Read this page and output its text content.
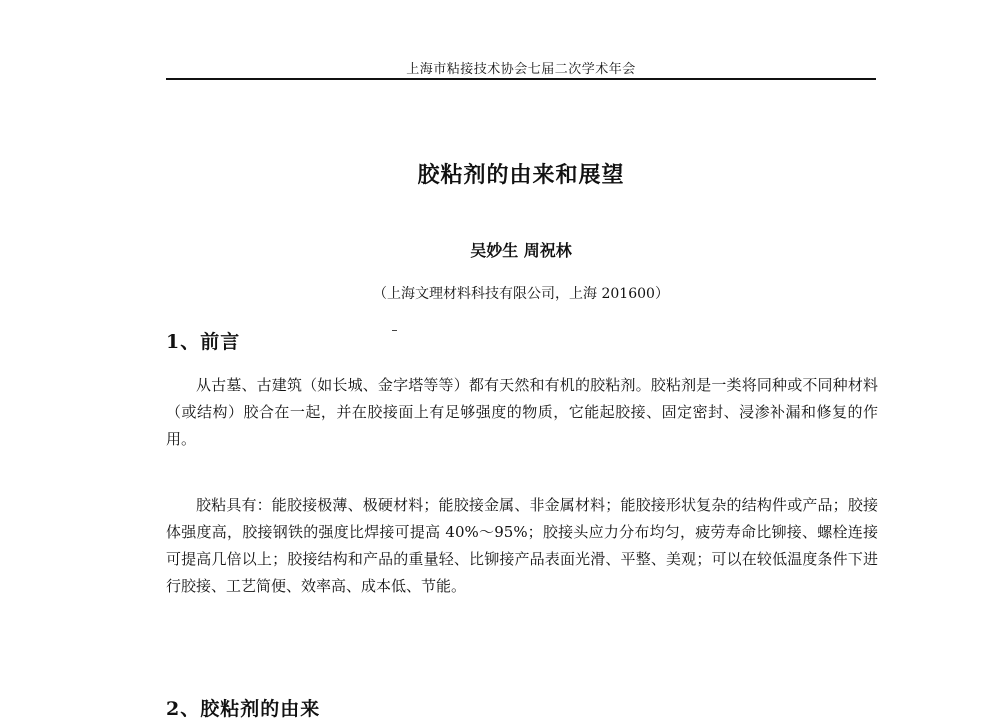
上海市粘接技术协会七届二次学术年会
胶粘剂的由来和展望
吴妙生 周祝林
（上海文理材料科技有限公司，上海 201600）
1、前言
从古墓、古建筑（如长城、金字塔等等）都有天然和有机的胶粘剂。胶粘剂是一类将同种或不同种材料（或结构）胶合在一起，并在胶接面上有足够强度的物质，它能起胶接、固定密封、浸渗补漏和修复的作用。
胶粘具有：能胶接极薄、极硬材料；能胶接金属、非金属材料；能胶接形状复杂的结构件或产品；胶接体强度高，胶接钢铁的强度比焊接可提高 40%～95%；胶接头应力分布均匀，疲劳寿命比铆接、螺栓连接可提高几倍以上；胶接结构和产品的重量轻、比铆接产品表面光滑、平整、美观；可以在较低温度条件下进行胶接、工艺简便、效率高、成本低、节能。
2、胶粘剂的由来
